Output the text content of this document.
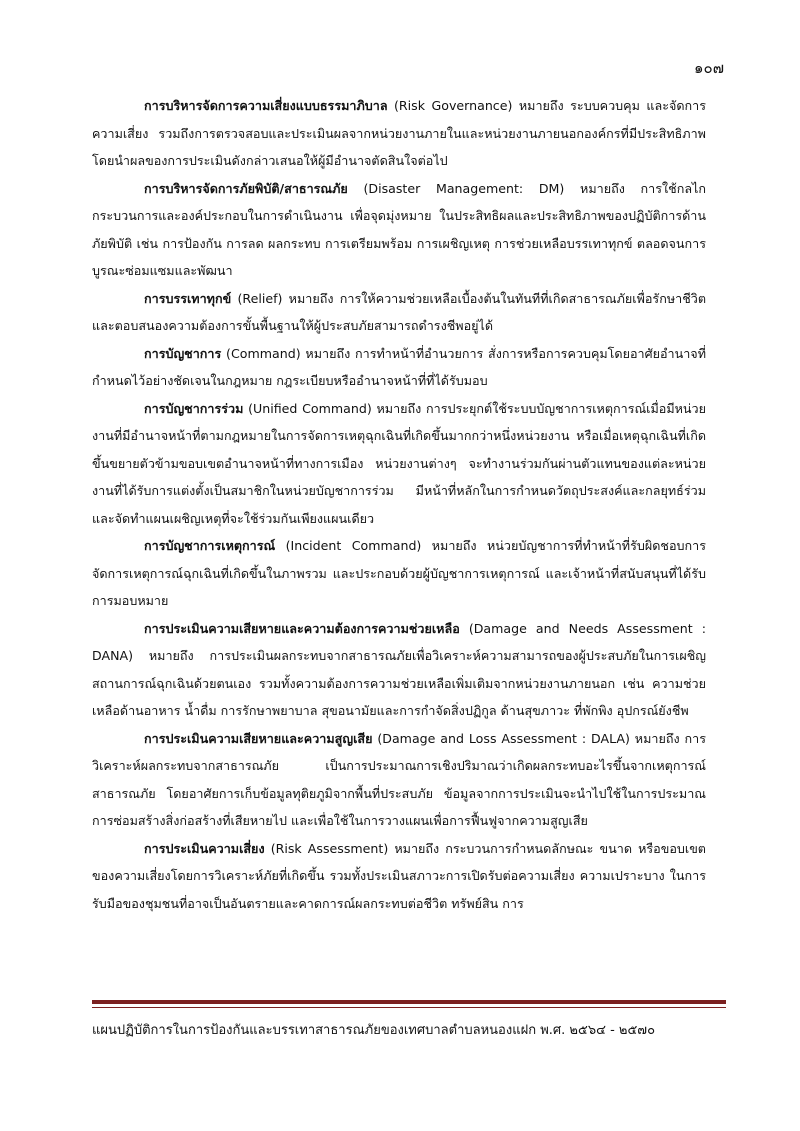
๑๐๗

การบริหารจัดการความเสี่ยงแบบธรรมาภิบาล (Risk Governance) หมายถึง ระบบควบคุม และจัดการความเสี่ยง รวมถึงการตรวจสอบและประเมินผลจากหน่วยงานภายในและหน่วยงานภายนอกองค์กรที่มีประสิทธิภาพ โดยนำผลของการประเมินดังกล่าวเสนอให้ผู้มีอำนาจตัดสินใจต่อไป

การบริหารจัดการภัยพิบัติ/สาธารณภัย (Disaster Management: DM) หมายถึง การใช้กลไกกระบวนการและองค์ประกอบในการดำเนินงาน เพื่อจุดมุ่งหมาย ในประสิทธิผลและประสิทธิภาพของปฏิบัติการด้านภัยพิบัติ เช่น การป้องกัน การลด ผลกระทบ การเตรียมพร้อม การเผชิญเหตุ การช่วยเหลือบรรเทาทุกข์ ตลอดจนการบูรณะซ่อมแซมและพัฒนา

การบรรเทาทุกข์ (Relief) หมายถึง การให้ความช่วยเหลือเบื้องต้นในทันทีที่เกิดสาธารณภัยเพื่อรักษาชีวิตและตอบสนองความต้องการขั้นพื้นฐานให้ผู้ประสบภัยสามารถดำรงชีพอยู่ได้

การบัญชาการ (Command) หมายถึง การทำหน้าที่อำนวยการ สั่งการหรือการควบคุมโดยอาศัยอำนาจที่กำหนดไว้อย่างชัดเจนในกฎหมาย กฎระเบียบหรืออำนาจหน้าที่ที่ได้รับมอบ

การบัญชาการร่วม (Unified Command) หมายถึง การประยุกต์ใช้ระบบบัญชาการเหตุการณ์เมื่อมีหน่วยงานที่มีอำนาจหน้าที่ตามกฎหมายในการจัดการเหตุฉุกเฉินที่เกิดขึ้นมากกว่าหนึ่งหน่วยงาน หรือเมื่อเหตุฉุกเฉินที่เกิดขึ้นขยายตัวข้ามขอบเขตอำนาจหน้าที่ทางการเมือง หน่วยงานต่างๆ จะทำงานร่วมกันผ่านตัวแทนของแต่ละหน่วยงานที่ได้รับการแต่งตั้งเป็นสมาชิกในหน่วยบัญชาการร่วม มีหน้าที่หลักในการกำหนดวัตถุประสงค์และกลยุทธ์ร่วม และจัดทำแผนเผชิญเหตุที่จะใช้ร่วมกันเพียงแผนเดียว

การบัญชาการเหตุการณ์ (Incident Command) หมายถึง หน่วยบัญชาการที่ทำหน้าที่รับผิดชอบการจัดการเหตุการณ์ฉุกเฉินที่เกิดขึ้นในภาพรวม และประกอบด้วยผู้บัญชาการเหตุการณ์ และเจ้าหน้าที่สนับสนุนที่ได้รับการมอบหมาย

การประเมินความเสียหายและความต้องการความช่วยเหลือ (Damage and Needs Assessment : DANA) หมายถึง การประเมินผลกระทบจากสาธารณภัยเพื่อวิเคราะห์ความสามารถของผู้ประสบภัยในการเผชิญสถานการณ์ฉุกเฉินด้วยตนเอง รวมทั้งความต้องการความช่วยเหลือเพิ่มเติมจากหน่วยงานภายนอก เช่น ความช่วยเหลือด้านอาหาร น้ำดื่ม การรักษาพยาบาล สุขอนามัยและการกำจัดสิ่งปฏิกูล ด้านสุขภาวะ ที่พักพิง อุปกรณ์ยังชีพ

การประเมินความเสียหายและความสูญเสีย (Damage and Loss Assessment : DALA) หมายถึง การวิเคราะห์ผลกระทบจากสาธารณภัย เป็นการประมาณการเชิงปริมาณว่าเกิดผลกระทบอะไรขึ้นจากเหตุการณ์สาธารณภัย โดยอาศัยการเก็บข้อมูลทุติยภูมิจากพื้นที่ประสบภัย ข้อมูลจากการประเมินจะนำไปใช้ในการประมาณการซ่อมสร้างสิ่งก่อสร้างที่เสียหายไป และเพื่อใช้ในการวางแผนเพื่อการฟื้นฟูจากความสูญเสีย

การประเมินความเสี่ยง (Risk Assessment) หมายถึง กระบวนการกำหนดลักษณะ ขนาด หรือขอบเขตของความเสี่ยงโดยการวิเคราะห์ภัยที่เกิดขึ้น รวมทั้งประเมินสภาวะการเปิดรับต่อความเสี่ยง ความเปราะบาง ในการรับมือของชุมชนที่อาจเป็นอันตรายและคาดการณ์ผลกระทบต่อชีวิต ทรัพย์สิน การ

แผนปฏิบัติการในการป้องกันและบรรเทาสาธารณภัยของเทศบาลตำบลหนองแฝก พ.ศ. ๒๕๖๔ - ๒๕๗๐
